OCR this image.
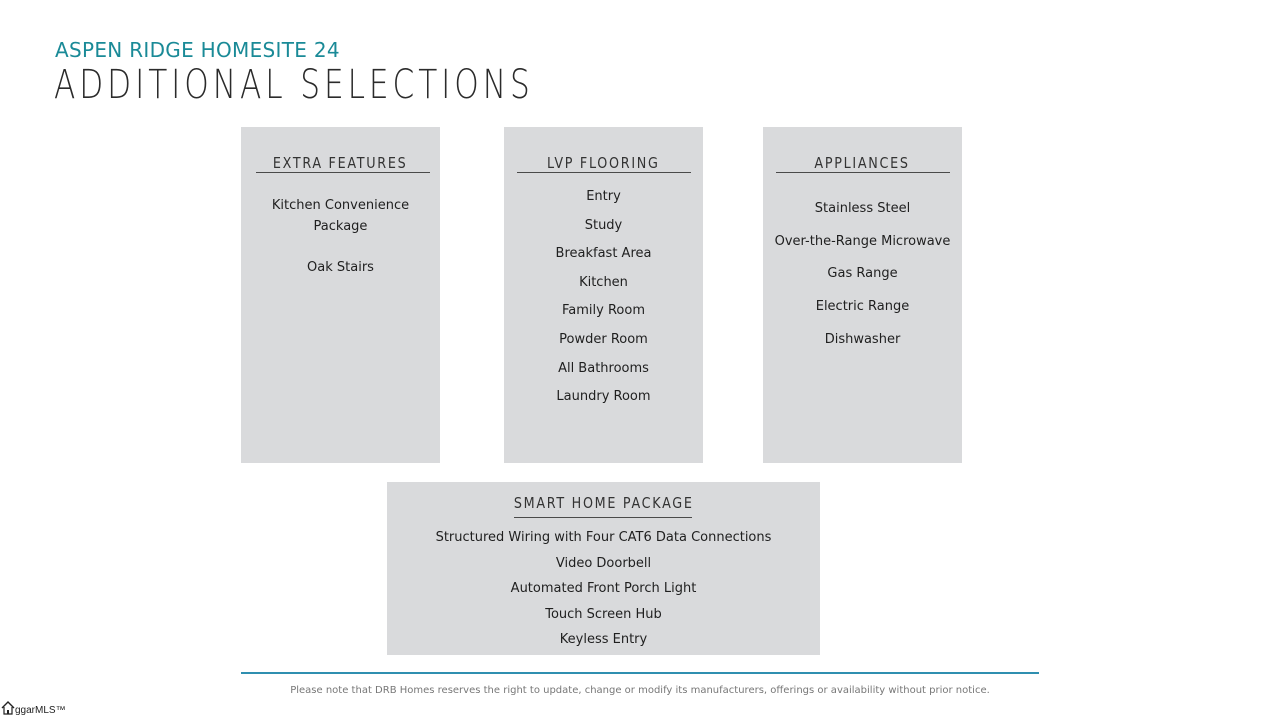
ASPEN RIDGE HOMESITE 24
ADDITIONAL SELECTIONS
EXTRA FEATURES
Kitchen Convenience
Package
Oak Stairs
LVP FLOORING
Entry
Study
Breakfast Area
Kitchen
Family Room
Powder Room
All Bathrooms
Laundry Room
APPLIANCES
Stainless Steel
Over-the-Range Microwave
Gas Range
Electric Range
Dishwasher
SMART HOME PACKAGE
Structured Wiring with Four CAT6 Data Connections
Video Doorbell
Automated Front Porch Light
Touch Screen Hub
Keyless Entry
Please note that DRB Homes reserves the right to update, change or modify its manufacturers, offerings or availability without prior notice.
ggarMLS™
